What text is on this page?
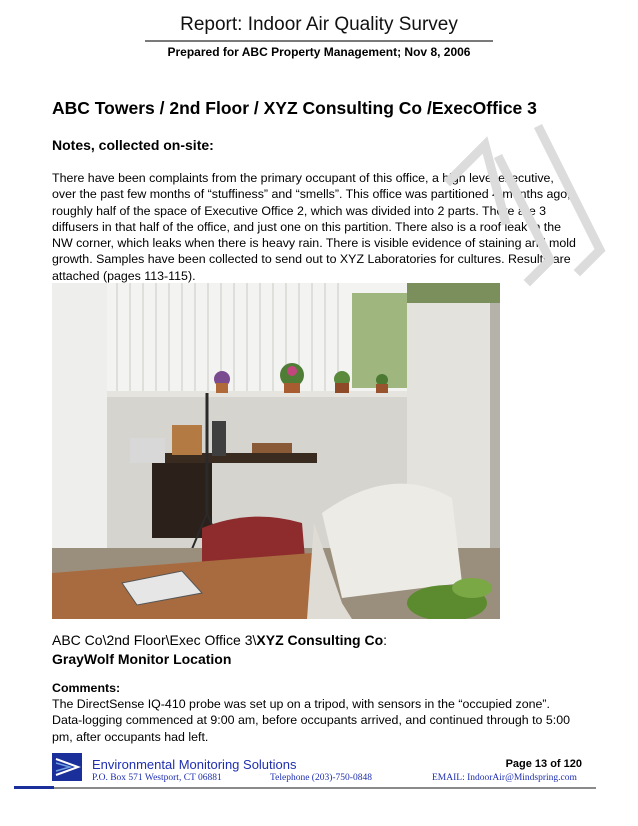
Report: Indoor Air Quality Survey
Prepared for ABC Property Management; Nov 8, 2006
ABC Towers / 2nd Floor / XYZ Consulting Co /ExecOffice 3
Notes, collected on-site:
There have been complaints from the primary occupant of this office, a high level executive,
over the past few months of “stuffiness” and “smells”. This office was partitioned 4 months ago,
roughly half of the space of Executive Office 2, which was divided into 2 parts. There are 3
diffusers in that half of the office, and just one on this partition. There also is a roof leak in the
NW corner, which leaks when there is heavy rain. There is visible evidence of staining and mold
growth. Samples have been collected to send out to XYZ Laboratories for cultures. Results are
attached (pages 113-115).
ABC Co\2nd Floor\Exec Office 3\XYZ Consulting Co:
GrayWolf Monitor Location
Comments:
The DirectSense IQ-410 probe was set up on a tripod, with sensors in the “occupied zone”.
Data-logging commenced at 9:00 am, before occupants arrived, and continued through to 5:00
pm, after occupants had left.
Environmental Monitoring Solutions	Page 13 of 120
P.O. Box 571 Westport, CT 06881	Telephone (203)-750-0848	EMAIL: IndoorAir@Mindspring.com
